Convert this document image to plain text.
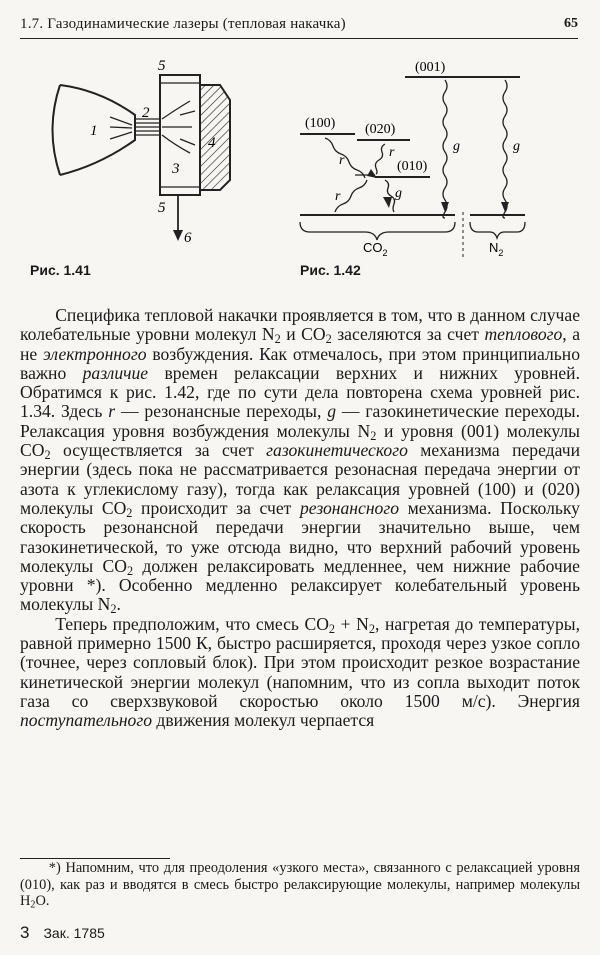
1.7. Газодинамические лазеры (тепловая накачка)	65
1
2
3
4
5
5
6
Рис. 1.41
(001)
(100) (020)
(010)
g	g
g
r
r
r
$CO_2$	$N_2$
Рис. 1.42

Специфика тепловой накачки проявляется в том, что в данном случае колебательные уровни молекул $N_2$ и $CO_2$ заселяются за счет теплового, а не электронного возбуждения. Как отмечалось, при этом принципиально важно различие времен релаксации верхних и нижних уровней. Обратимся к рис. 1.42, где по сути дела повторена схема уровней рис. 1.34. Здесь r — резонансные переходы, g — газокинетические переходы. Релаксация уровня возбуждения молекулы $N_2$ и уровня (001) молекулы $CO_2$ осуществляется за счет газокинетического механизма передачи энергии (здесь пока не рассматривается резонасная передача энергии от азота к углекислому газу), тогда как релаксация уровней (100) и (020) молекулы $CO_2$ происходит за счет резонансного механизма. Поскольку скорость резонансной передачи энергии значительно выше, чем газокинетической, то уже отсюда видно, что верхний рабочий уровень молекулы $CO_2$ должен релаксировать медленнее, чем нижние рабочие уровни *). Особенно медленно релаксирует колебательный уровень молекулы $N_2$.

Теперь предположим, что смесь $CO_2 + N_2$, нагретая до температуры, равной примерно 1500 К, быстро расширяется, проходя через узкое сопло (точнее, через сопловый блок). При этом происходит резкое возрастание кинетической энергии молекул (напомним, что из сопла выходит поток газа со сверхзвуковой скоростью около 1500 м/с). Энергия поступательного движения молекул черпается

*) Напомним, что для преодоления «узкого места», связанного с релаксацией уровня (010), как раз и вводятся в смесь быстро релаксирующие молекулы, например молекулы $H_2O$.

3 Зак. 1785
